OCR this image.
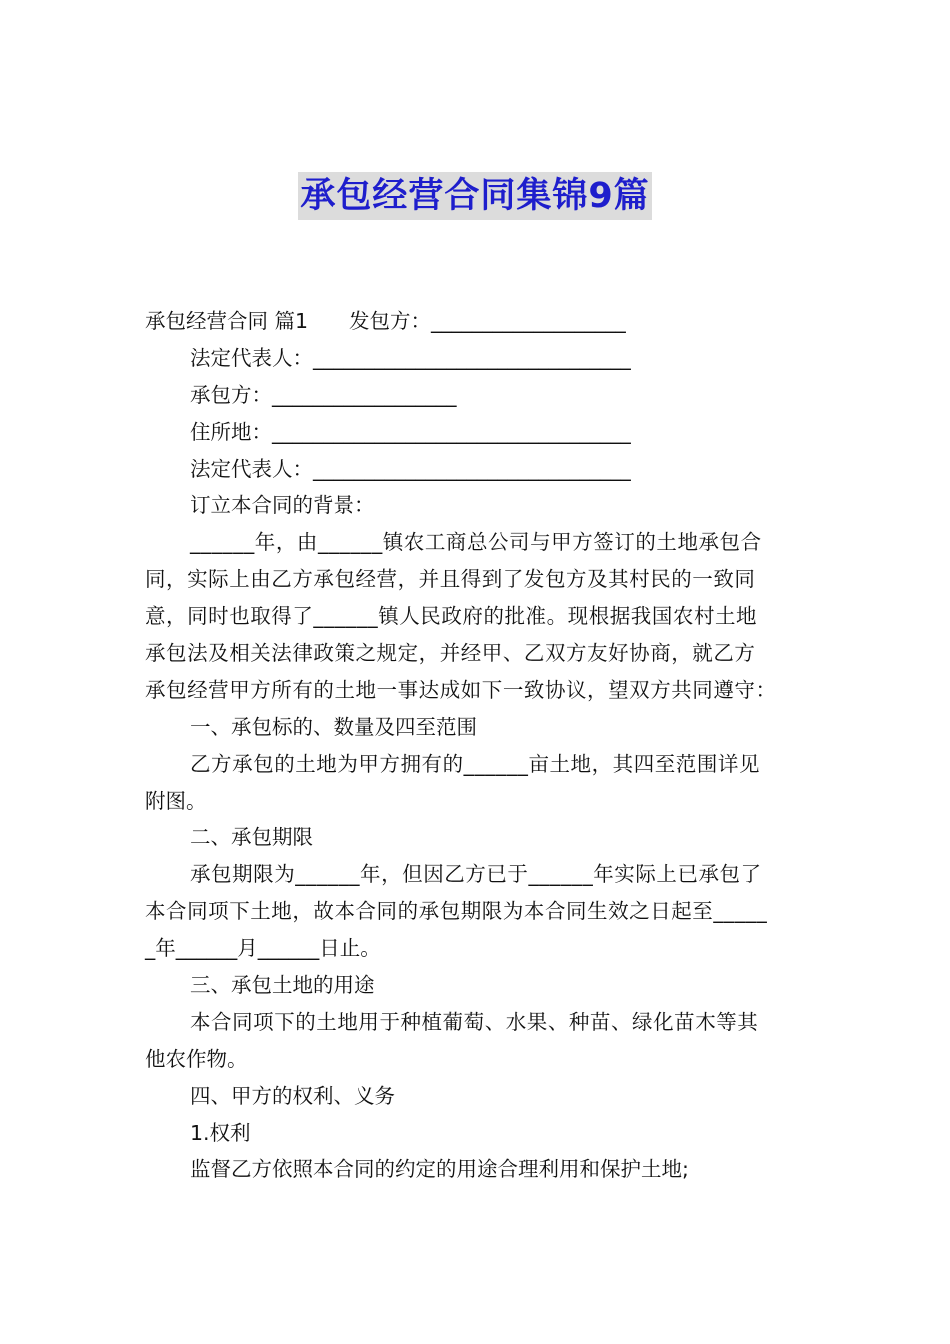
承包经营合同集锦9篇
承包经营合同 篇1　　发包方：___________________
法定代表人：_______________________________
承包方：__________________
住所地：___________________________________
法定代表人：_______________________________
订立本合同的背景：
______年，由______镇农工商总公司与甲方签订的土地承包合
同，实际上由乙方承包经营，并且得到了发包方及其村民的一致同
意，同时也取得了______镇人民政府的批准。现根据我国农村土地
承包法及相关法律政策之规定，并经甲、乙双方友好协商，就乙方
承包经营甲方所有的土地一事达成如下一致协议，望双方共同遵守：
一、承包标的、数量及四至范围
乙方承包的土地为甲方拥有的______亩土地，其四至范围详见
附图。
二、承包期限
承包期限为______年，但因乙方已于______年实际上已承包了
本合同项下土地，故本合同的承包期限为本合同生效之日起至_____
_年______月______日止。
三、承包土地的用途
本合同项下的土地用于种植葡萄、水果、种苗、绿化苗木等其
他农作物。
四、甲方的权利、义务
1.权利
监督乙方依照本合同的约定的用途合理利用和保护土地;
